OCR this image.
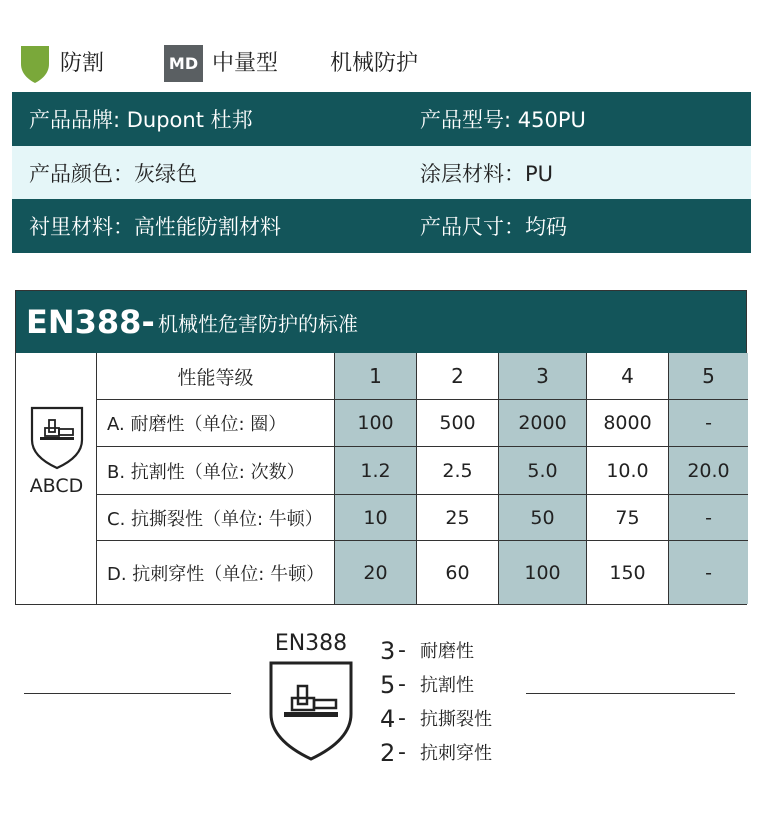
防割	MD 中量型 机械防护
产品品牌: Dupont 杜邦	产品型号: 450PU
产品颜色：灰绿色	涂层材料：PU
衬里材料：高性能防割材料	产品尺寸：均码
EN388- 机械性危害防护的标准
ABCD
性能等级	1	2	3	4	5
A. 耐磨性（单位: 圈）	100	500	2000	8000	-
B. 抗割性（单位: 次数）	1.2	2.5	5.0	10.0	20.0
C. 抗撕裂性（单位: 牛顿）	10	25	50	75	-
D. 抗刺穿性（单位: 牛顿）	20	60	100	150	-
EN388 3 - 耐磨性
5 - 抗割性
4 - 抗撕裂性
2 - 抗刺穿性
